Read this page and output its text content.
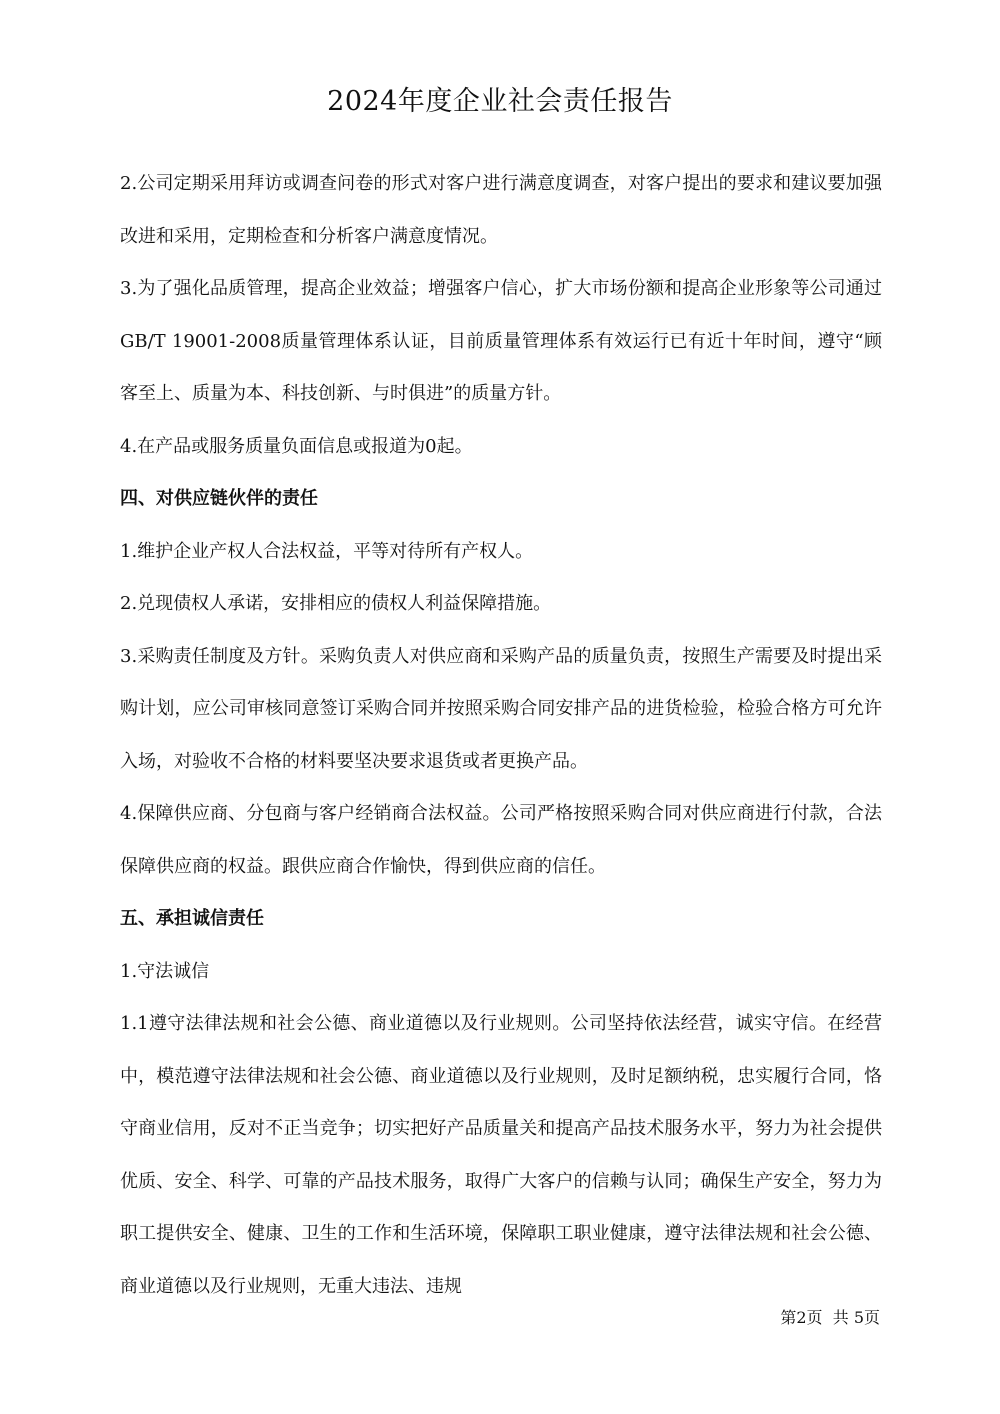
2024年度企业社会责任报告

2.公司定期采用拜访或调查问卷的形式对客户进行满意度调查，对客户提出的要求和建议要加强改进和采用，定期检查和分析客户满意度情况。

3.为了强化品质管理，提高企业效益；增强客户信心，扩大市场份额和提高企业形象等公司通过GB/T 19001-2008质量管理体系认证，目前质量管理体系有效运行已有近十年时间，遵守“顾客至上、质量为本、科技创新、与时俱进”的质量方针。

4.在产品或服务质量负面信息或报道为0起。

四、对供应链伙伴的责任

1.维护企业产权人合法权益，平等对待所有产权人。

2.兑现债权人承诺，安排相应的债权人利益保障措施。

3.采购责任制度及方针。采购负责人对供应商和采购产品的质量负责，按照生产需要及时提出采购计划，应公司审核同意签订采购合同并按照采购合同安排产品的进货检验，检验合格方可允许入场，对验收不合格的材料要坚决要求退货或者更换产品。

4.保障供应商、分包商与客户经销商合法权益。公司严格按照采购合同对供应商进行付款，合法保障供应商的权益。跟供应商合作愉快，得到供应商的信任。

五、承担诚信责任

1.守法诚信

1.1遵守法律法规和社会公德、商业道德以及行业规则。公司坚持依法经营，诚实守信。在经营中，模范遵守法律法规和社会公德、商业道德以及行业规则，及时足额纳税，忠实履行合同，恪守商业信用，反对不正当竞争；切实把好产品质量关和提高产品技术服务水平，努力为社会提供优质、安全、科学、可靠的产品技术服务，取得广大客户的信赖与认同；确保生产安全，努力为职工提供安全、健康、卫生的工作和生活环境，保障职工职业健康，遵守法律法规和社会公德、商业道德以及行业规则，无重大违法、违规

第2页  共 5页
